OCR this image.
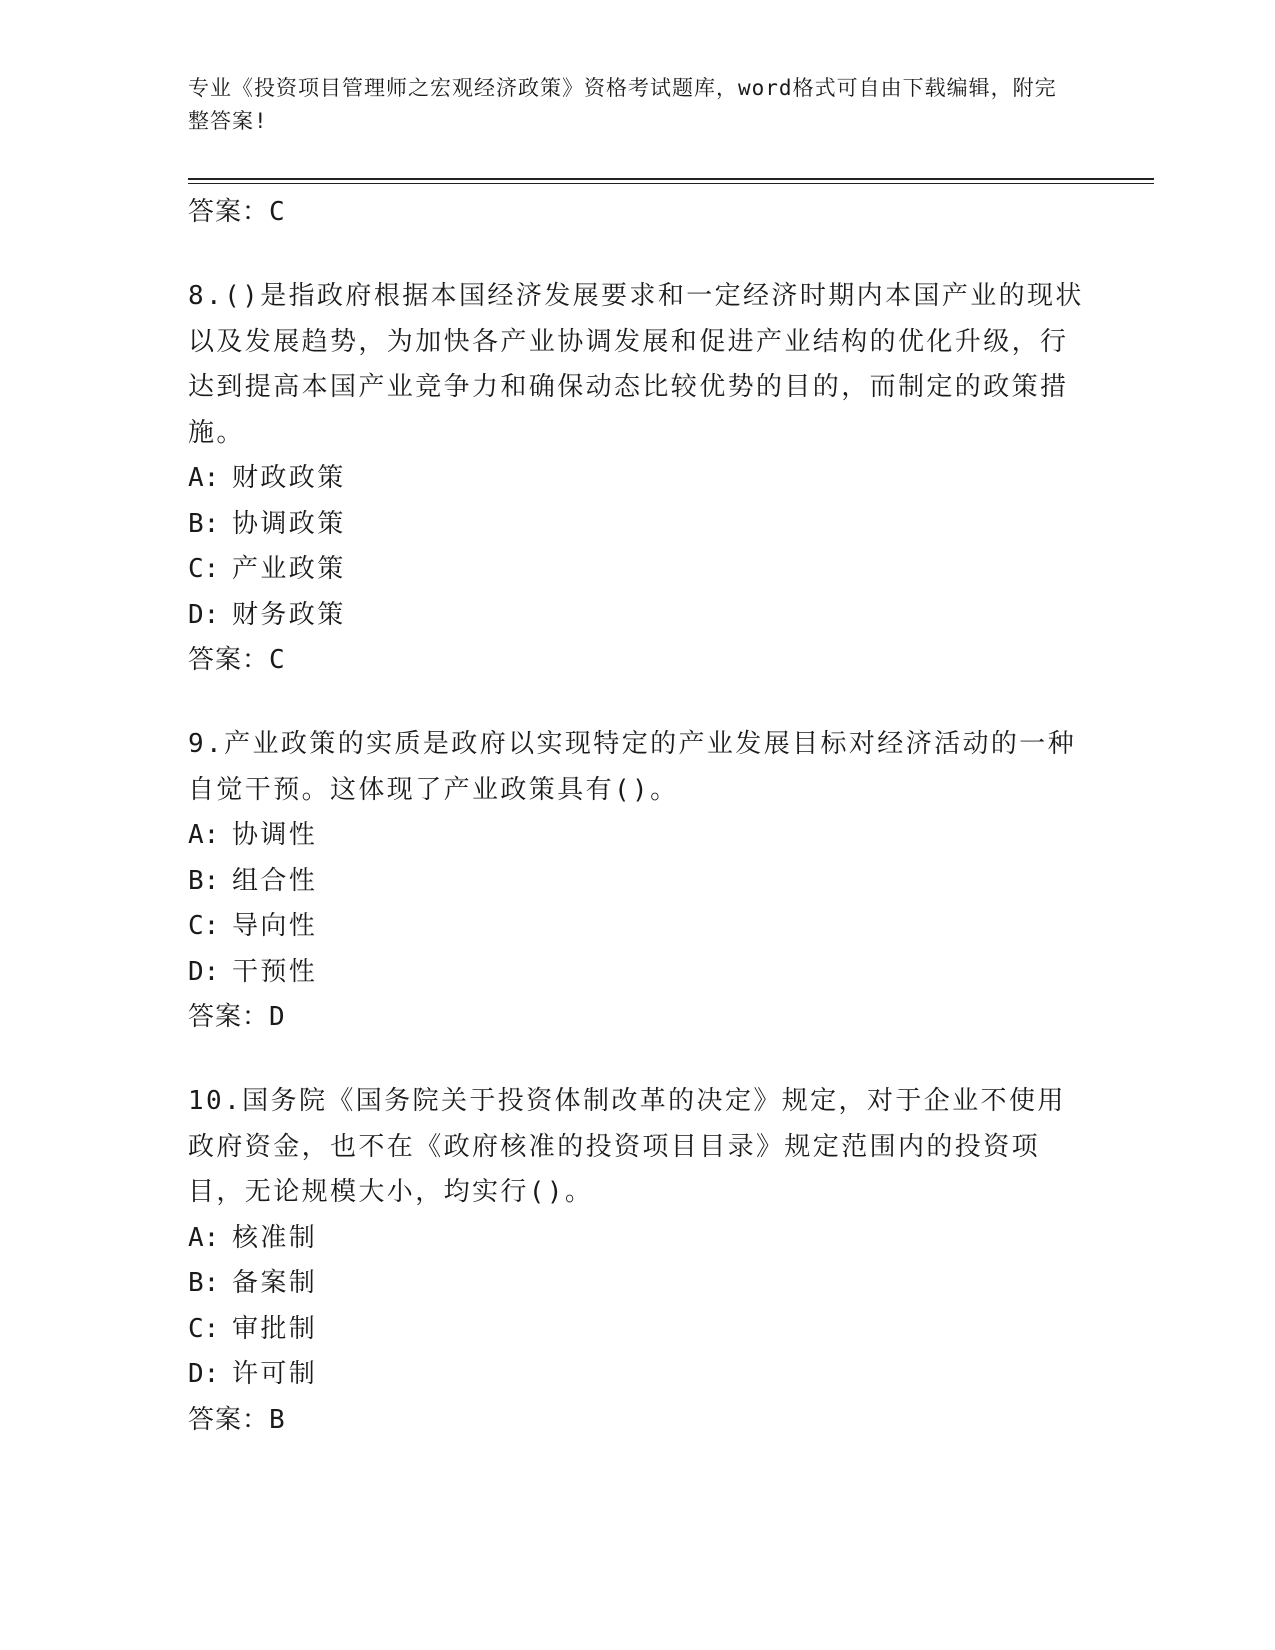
专业《投资项目管理师之宏观经济政策》资格考试题库，word格式可自由下载编辑，附完整答案!

答案：C

8.()是指政府根据本国经济发展要求和一定经济时期内本国产业的现状以及发展趋势，为加快各产业协调发展和促进产业结构的优化升级，行达到提高本国产业竞争力和确保动态比较优势的目的，而制定的政策措施。

A: 财政政策

B: 协调政策

C: 产业政策

D: 财务政策

答案：C

9.产业政策的实质是政府以实现特定的产业发展目标对经济活动的一种自觉干预。这体现了产业政策具有()。

A: 协调性

B: 组合性

C: 导向性

D: 干预性

答案：D

10.国务院《国务院关于投资体制改革的决定》规定，对于企业不使用政府资金，也不在《政府核准的投资项目目录》规定范围内的投资项目，无论规模大小，均实行()。

A: 核准制

B: 备案制

C: 审批制

D: 许可制

答案：B
